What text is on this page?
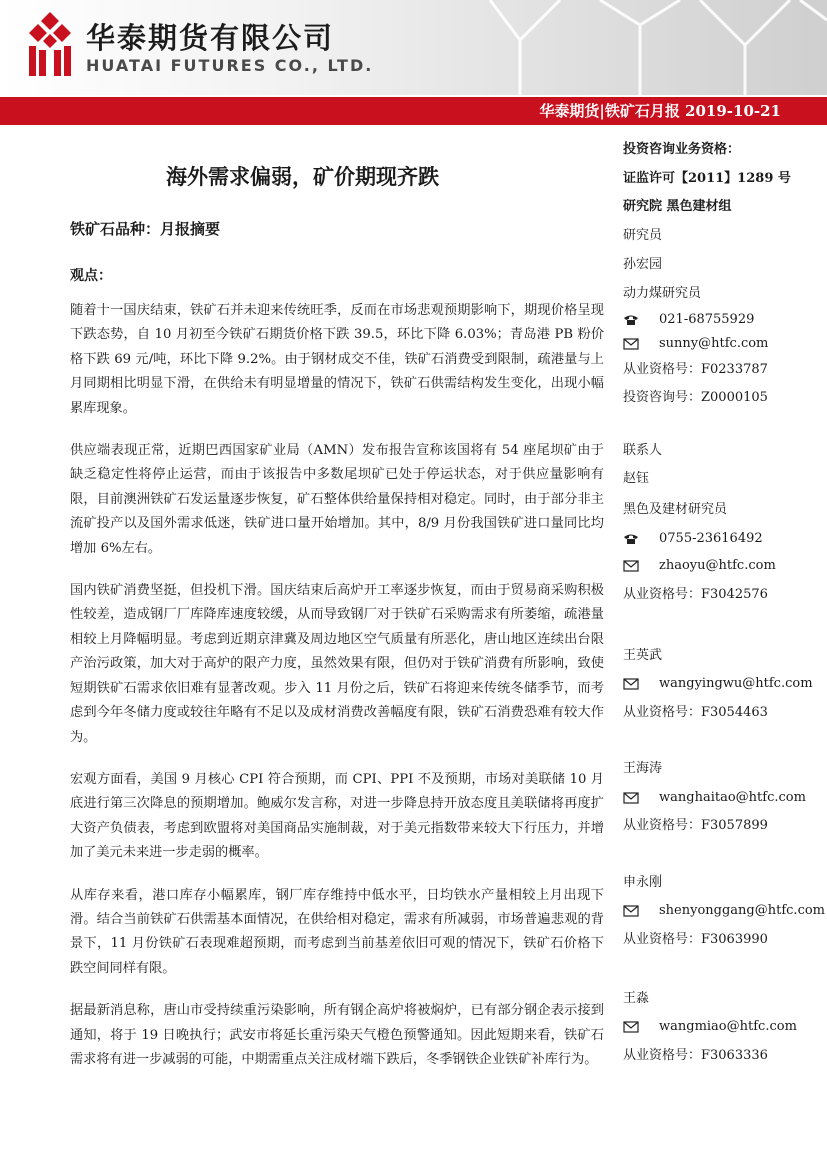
华泰期货有限公司
HUATAI FUTURES CO., LTD.
华泰期货|铁矿石月报 2019-10-21
海外需求偏弱，矿价期现齐跌
铁矿石品种：月报摘要
观点：

随着十一国庆结束，铁矿石并未迎来传统旺季，反而在市场悲观预期影响下，期现价格呈现下跌态势，自 10 月初至今铁矿石期货价格下跌 39.5，环比下降 6.03%；青岛港 PB 粉价格下跌 69 元/吨，环比下降 9.2%。由于钢材成交不佳，铁矿石消费受到限制，疏港量与上月同期相比明显下滑，在供给未有明显增量的情况下，铁矿石供需结构发生变化，出现小幅累库现象。

供应端表现正常，近期巴西国家矿业局（AMN）发布报告宣称该国将有 54 座尾坝矿由于缺乏稳定性将停止运营，而由于该报告中多数尾坝矿已处于停运状态，对于供应量影响有限，目前澳洲铁矿石发运量逐步恢复，矿石整体供给量保持相对稳定。同时，由于部分非主流矿投产以及国外需求低迷，铁矿进口量开始增加。其中，8/9 月份我国铁矿进口量同比均增加 6%左右。

国内铁矿消费坚挺，但投机下滑。国庆结束后高炉开工率逐步恢复，而由于贸易商采购积极性较差，造成钢厂厂库降库速度较缓，从而导致钢厂对于铁矿石采购需求有所萎缩，疏港量相较上月降幅明显。考虑到近期京津冀及周边地区空气质量有所恶化，唐山地区连续出台限产治污政策，加大对于高炉的限产力度，虽然效果有限，但仍对于铁矿消费有所影响，致使短期铁矿石需求依旧难有显著改观。步入 11 月份之后，铁矿石将迎来传统冬储季节，而考虑到今年冬储力度或较往年略有不足以及成材消费改善幅度有限，铁矿石消费恐难有较大作为。

宏观方面看，美国 9 月核心 CPI 符合预期，而 CPI、PPI 不及预期，市场对美联储 10 月底进行第三次降息的预期增加。鲍威尔发言称，对进一步降息持开放态度且美联储将再度扩大资产负债表，考虑到欧盟将对美国商品实施制裁，对于美元指数带来较大下行压力，并增加了美元未来进一步走弱的概率。

从库存来看，港口库存小幅累库，钢厂库存维持中低水平，日均铁水产量相较上月出现下滑。结合当前铁矿石供需基本面情况，在供给相对稳定，需求有所减弱，市场普遍悲观的背景下，11 月份铁矿石表现难超预期，而考虑到当前基差依旧可观的情况下，铁矿石价格下跌空间同样有限。

据最新消息称，唐山市受持续重污染影响，所有钢企高炉将被焖炉，已有部分钢企表示接到通知，将于 19 日晚执行；武安市将延长重污染天气橙色预警通知。因此短期来看，铁矿石需求将有进一步减弱的可能，中期需重点关注成材端下跌后，冬季钢铁企业铁矿补库行为。

投资咨询业务资格：
证监许可【2011】1289 号
研究院 黑色建材组
研究员
孙宏园
动力煤研究员
021-68755929
sunny@htfc.com
从业资格号：F0233787
投资咨询号：Z0000105
联系人
赵钰
黑色及建材研究员
0755-23616492
zhaoyu@htfc.com
从业资格号：F3042576
王英武
wangyingwu@htfc.com
从业资格号：F3054463
王海涛
wanghaitao@htfc.com
从业资格号：F3057899
申永刚
shenyonggang@htfc.com
从业资格号：F3063990
王淼
wangmiao@htfc.com
从业资格号：F3063336
